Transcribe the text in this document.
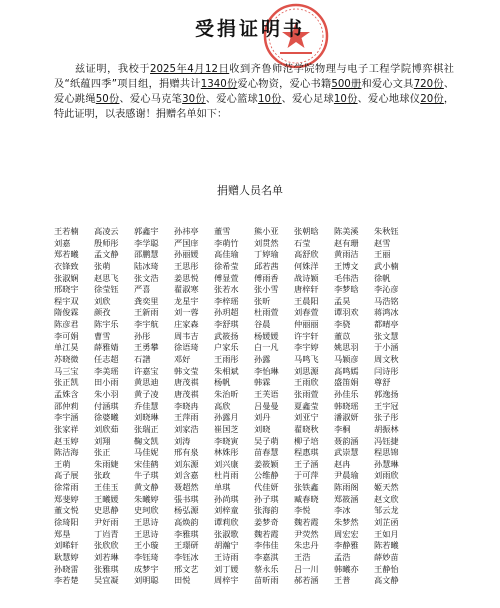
受捐证明书
  兹证明，我校于2025年4月12日收到齐鲁师范学院物理与电子工程学院博弈棋社及“纸蕴四季”项目组，捐赠共计1340份爱心物资，爱心书籍500册和爱心文具720份、爱心跳绳50份、爱心马克笔30份、爱心篮球10份、爱心足球10份、爱心地球仪20份，特此证明，以表感谢！捐赠名单如下：
捐赠人员名单
王若楠	高凌云	郭鑫宇	孙祎亭	董雪	熊小亚	张朝晗	陈美溪	朱秋钰
刘嘉	殷师彤	李学聪	严国庠	李萌竹	刘贯然	石莹	赵有珊	赵雪
郑若曦	孟文静	邵鹏慧	孙丽媛	高佳瑜	丁婷瑜	高舒欣	黄雨洁	王丽
衣锋致	张萌	陆冰琦	王思彤	徐希莹	邱若茜	何姝洋	王博文	武小楠
张淑娴	赵思飞	张文浩	姜思悦	傅显萱	傅雨香	战诗颖	毛伟浩	徐帆
邢晓宇	徐莹钰	严喜	翟淑寒	张若水	张小雪	唐梓轩	李梦晗	李沁彦
程宇双	刘欣	龚奕里	龙星宇	李梓瑶	张昕	王晨阳	孟昊	马浩铭
隋俊霖	颜孜	王新雨	刘一蓉	孙玥超	杜雨萱	刘春萱	谭羽欢	蒋鸿冰
陈彦君	陈宇乐	李宇航	庄家森	李舒琪	谷晨	仲丽丽	李骁	都晴亭
李可娟	曹雪	孙彤	周韦吉	武筱扬	杨媛媛	许宇轩	董苡	张文慧
单江昊	薛雅婧	王勇攀	徐语琦	户家乐	白一凡	李宇婷	姚思羽	于小涵
苏晓微	任志超	石譜	邓好	王雨彤	孙露	马鸣飞	马颖彦	周文秋
马三宝	李美瑶	许嘉宝	韩文莹	朱相斌	李怡琳	刘思源	高鸣嫣	闫诗彤
张正凯	田小雨	黄思迪	唐茂祺	杨帆	韩霖	王雨欣	盛笛娟	尊舒
孟姝含	朱小羽	黄子凌	唐茂祺	朱治昕	王芙语	张雨萱	孙佳乐	郭逸扬
邵仲莉	付涵琪	乔佳慧	李晓冉	高欣	吕曼曼	夏鑫莹	韩晓瑶	王宇冠
李宇涵	徐婆曦	刘晓琳	王萍雨	孙露月	刘丹	刘亚宁	潘淑妍	张子彤
张家祥	刘欣茹	张瑞正	刘家浩	崔国芝	刘晓	翟晓秋	李桐	胡振林
赵玉婷	刘翔	鞠文凯	刘涛	李晓寅	吴子萌	柳子培	聂韵涵	冯钰捷
陈洁海	张正	马佳妮	邢有泉	林姝彤	苗春慧	程惠琪	武崇慧	程思锦
王萌	朱雨婕	宋佳鹤	刘东源	刘兴康	姜筱颖	王子涵	赵冉	孙慧琳
高子展	张政	牛子琪	刘含嘉	杜肖雨	公维静	于可萍	尹晨瑜	刘雨欣
徐常雨	王佳玉	黄文静	聂超然	单琪	代佳妍	张铁鑫	陈雨阁	姬天然
郑斐婷	王曦媛	朱曦婷	張书琪	孙尚琪	孙子琪	臧春晓	郑筱涵	赵文欣
董文悦	史思静	史珂欣	杨弘源	刘梓童	张海韵	李悦	李冰	邹云龙
徐琦阳	尹好雨	王思诗	高焕韵	谭莉欣	姜梦奇	魏若霞	朱梦然	刘芷函
郑垦	丁岿青	王思诗	李雅琪	张淑歌	魏若霞	尹荧然	周宏宏	王如月
刘晞轩	张欣欣	王小璇	王璟研	胡瀚宁	李伟佳	朱忠丹	李静雅	陈若曦
耿慧婷	刘若琳	李钰琦	李钰冰	王诗雨	李嘉淇	王浩	孟浩	薛妙苗
孙晓雷	张雅琪	成梦宇	邢文艺	刘丁媛	蔡永乐	吕一川	韩曦亦	王静怡
李若楚	吴宜凝	刘明聪	田悦	周梓宇	苗昕雨	郝若涵	王普	高文静
